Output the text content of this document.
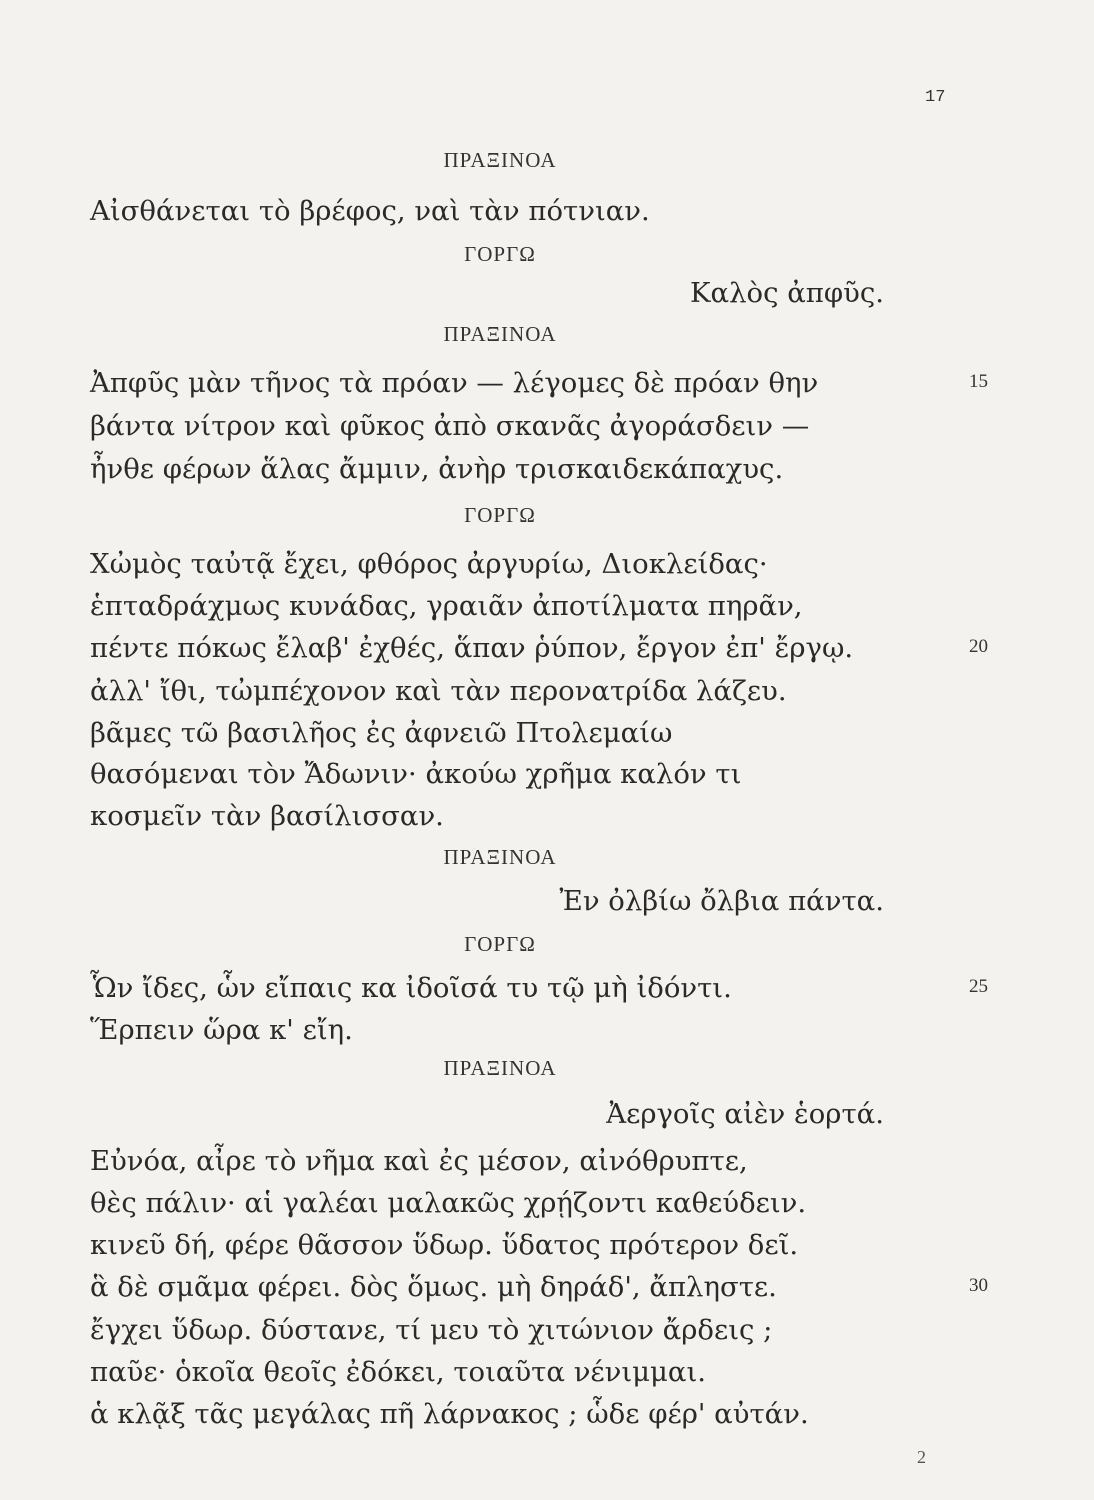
17
ΠΡΑΞΙΝΟΑ
Αἰσθάνεται τὸ βρέφος, ναὶ τὰν πότνιαν.
ΓΟΡΓΩ
Καλὸς ἀπφῦς.
ΠΡΑΞΙΝΟΑ
Ἀπφῦς μὰν τῆνος τὰ πρόαν — λέγομες δὲ πρόαν θην	15
βάντα νίτρον καὶ φῦκος ἀπὸ σκανᾶς ἀγοράσδειν —
ἦνθε φέρων ἅλας ἄμμιν, ἀνὴρ τρισκαιδεκάπαχυς.
ΓΟΡΓΩ
Χὠμὸς ταὐτᾷ ἔχει, φθόρος ἀργυρίω, Διοκλείδας·
ἑπταδράχμως κυνάδας, γραιᾶν ἀποτίλματα πηρᾶν,
πέντε πόκως ἔλαβ' ἐχθές, ἅπαν ῥύπον, ἔργον ἐπ' ἔργῳ.	20
ἀλλ' ἴθι, τὠμπέχονον καὶ τὰν περονατρίδα λάζευ.
βᾶμες τῶ βασιλῆος ἐς ἀφνειῶ Πτολεμαίω
θασόμεναι τὸν Ἄδωνιν· ἀκούω χρῆμα καλόν τι
κοσμεῖν τὰν βασίλισσαν.
ΠΡΑΞΙΝΟΑ
Ἐν ὀλβίω ὄλβια πάντα.
ΓΟΡΓΩ
Ὧν ἴδες, ὧν εἴπαις κα ἰδοῖσά τυ τῷ μὴ ἰδόντι.	25
Ἕρπειν ὥρα κ' εἴη.
ΠΡΑΞΙΝΟΑ
Ἀεργοῖς αἰὲν ἑορτά.
Εὐνόα, αἶρε τὸ νῆμα καὶ ἐς μέσον, αἰνόθρυπτε,
θὲς πάλιν· αἱ γαλέαι μαλακῶς χρῄζοντι καθεύδειν.
κινεῦ δή, φέρε θᾶσσον ὕδωρ. ὕδατος πρότερον δεῖ.
ἃ δὲ σμᾶμα φέρει. δὸς ὅμως. μὴ δηράδ', ἄπληστε.	30
ἔγχει ὕδωρ. δύστανε, τί μευ τὸ χιτώνιον ἄρδεις ;
παῦε· ὁκοῖα θεοῖς ἐδόκει, τοιαῦτα νένιμμαι.
ἁ κλᾷξ τᾶς μεγάλας πῆ λάρνακος ; ὧδε φέρ' αὐτάν.
2
